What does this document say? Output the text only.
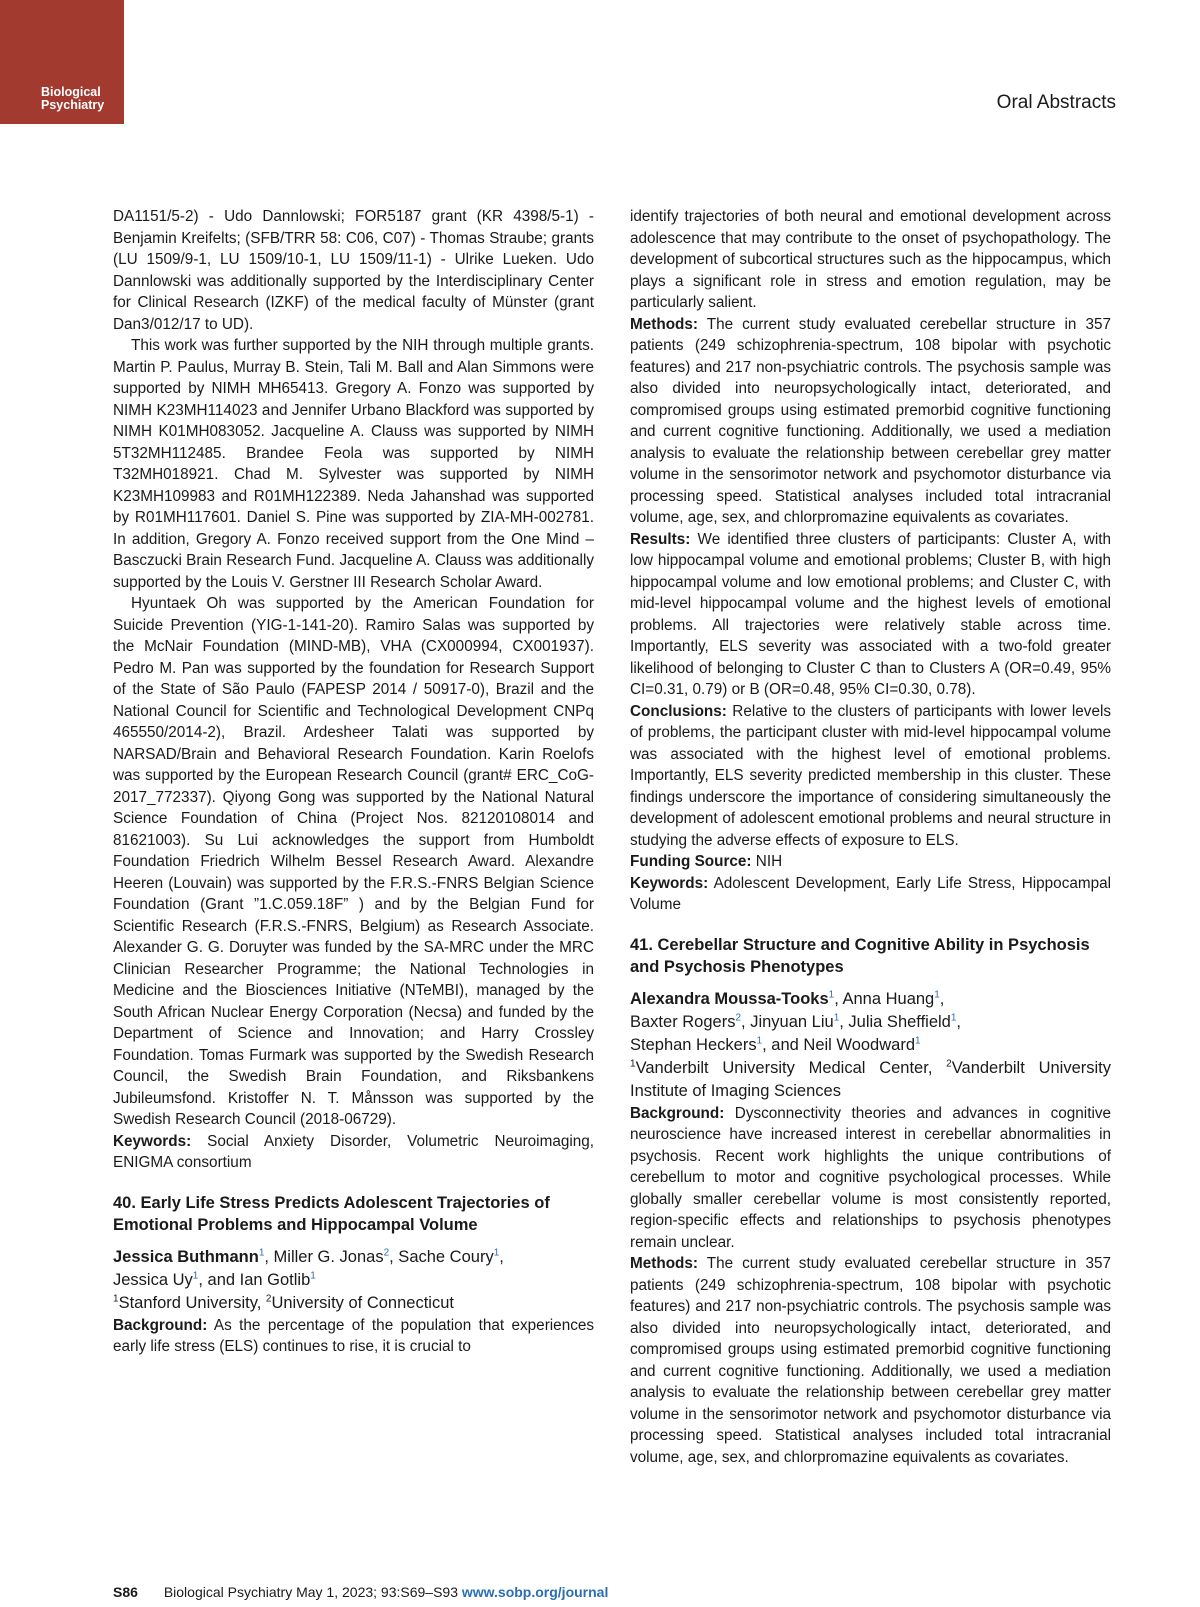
Biological
Psychiatry	Oral Abstracts

DA1151/5-2) - Udo Dannlowski; FOR5187 grant (KR 4398/5-1) - Benjamin Kreifelts; (SFB/TRR 58: C06, C07) - Thomas Straube; grants (LU 1509/9-1, LU 1509/10-1, LU 1509/11-1) - Ulrike Lueken. Udo Dannlowski was additionally supported by the Interdisciplinary Center for Clinical Research (IZKF) of the medical faculty of Münster (grant Dan3/012/17 to UD).

This work was further supported by the NIH through multiple grants. Martin P. Paulus, Murray B. Stein, Tali M. Ball and Alan Simmons were supported by NIMH MH65413. Gregory A. Fonzo was supported by NIMH K23MH114023 and Jennifer Urbano Blackford was supported by NIMH K01MH083052. Jacqueline A. Clauss was supported by NIMH 5T32MH112485. Brandee Feola was supported by NIMH T32MH018921. Chad M. Sylvester was supported by NIMH K23MH109983 and R01MH122389. Neda Jahanshad was supported by R01MH117601. Daniel S. Pine was supported by ZIA-MH-002781. In addition, Gregory A. Fonzo received support from the One Mind – Basczucki Brain Research Fund. Jacqueline A. Clauss was additionally supported by the Louis V. Gerstner III Research Scholar Award.

Hyuntaek Oh was supported by the American Foundation for Suicide Prevention (YIG-1-141-20). Ramiro Salas was supported by the McNair Foundation (MIND-MB), VHA (CX000994, CX001937). Pedro M. Pan was supported by the foundation for Research Support of the State of São Paulo (FAPESP 2014 / 50917-0), Brazil and the National Council for Scientific and Technological Development CNPq 465550/2014-2), Brazil. Ardesheer Talati was supported by NARSAD/Brain and Behavioral Research Foundation. Karin Roelofs was supported by the European Research Council (grant# ERC_CoG-2017_772337). Qiyong Gong was supported by the National Natural Science Foundation of China (Project Nos. 82120108014 and 81621003). Su Lui acknowledges the support from Humboldt Foundation Friedrich Wilhelm Bessel Research Award. Alexandre Heeren (Louvain) was supported by the F.R.S.-FNRS Belgian Science Foundation (Grant ”1.C.059.18F” ) and by the Belgian Fund for Scientific Research (F.R.S.-FNRS, Belgium) as Research Associate. Alexander G. G. Doruyter was funded by the SA-MRC under the MRC Clinician Researcher Programme; the National Technologies in Medicine and the Biosciences Initiative (NTeMBI), managed by the South African Nuclear Energy Corporation (Necsa) and funded by the Department of Science and Innovation; and Harry Crossley Foundation. Tomas Furmark was supported by the Swedish Research Council, the Swedish Brain Foundation, and Riksbankens Jubileumsfond. Kristoffer N. T. Månsson was supported by the Swedish Research Council (2018-06729).

Keywords: Social Anxiety Disorder, Volumetric Neuroimaging, ENIGMA consortium

40. Early Life Stress Predicts Adolescent Trajectories of Emotional Problems and Hippocampal Volume

Jessica Buthmann$^1$, Miller G. Jonas$^2$, Sache Coury$^1$,
Jessica Uy$^1$, and Ian Gotlib$^1$

$^1$Stanford University, $^2$University of Connecticut

Background: As the percentage of the population that experiences early life stress (ELS) continues to rise, it is crucial to

identify trajectories of both neural and emotional development across adolescence that may contribute to the onset of psychopathology. The development of subcortical structures such as the hippocampus, which plays a significant role in stress and emotion regulation, may be particularly salient.

Methods: The current study evaluated cerebellar structure in 357 patients (249 schizophrenia-spectrum, 108 bipolar with psychotic features) and 217 non-psychiatric controls. The psychosis sample was also divided into neuropsychologically intact, deteriorated, and compromised groups using estimated premorbid cognitive functioning and current cognitive functioning. Additionally, we used a mediation analysis to evaluate the relationship between cerebellar grey matter volume in the sensorimotor network and psychomotor disturbance via processing speed. Statistical analyses included total intracranial volume, age, sex, and chlorpromazine equivalents as covariates.

Results: We identified three clusters of participants: Cluster A, with low hippocampal volume and emotional problems; Cluster B, with high hippocampal volume and low emotional problems; and Cluster C, with mid-level hippocampal volume and the highest levels of emotional problems. All trajectories were relatively stable across time. Importantly, ELS severity was associated with a two-fold greater likelihood of belonging to Cluster C than to Clusters A (OR=0.49, 95% CI=0.31, 0.79) or B (OR=0.48, 95% CI=0.30, 0.78).

Conclusions: Relative to the clusters of participants with lower levels of problems, the participant cluster with mid-level hippocampal volume was associated with the highest level of emotional problems. Importantly, ELS severity predicted membership in this cluster. These findings underscore the importance of considering simultaneously the development of adolescent emotional problems and neural structure in studying the adverse effects of exposure to ELS.

Funding Source: NIH

Keywords: Adolescent Development, Early Life Stress, Hippocampal Volume

41. Cerebellar Structure and Cognitive Ability in Psychosis and Psychosis Phenotypes

Alexandra Moussa-Tooks$^1$, Anna Huang$^1$,
Baxter Rogers$^2$, Jinyuan Liu$^1$, Julia Sheffield$^1$,
Stephan Heckers$^1$, and Neil Woodward$^1$

$^1$Vanderbilt University Medical Center, $^2$Vanderbilt University Institute of Imaging Sciences

Background: Dysconnectivity theories and advances in cognitive neuroscience have increased interest in cerebellar abnormalities in psychosis. Recent work highlights the unique contributions of cerebellum to motor and cognitive psychological processes. While globally smaller cerebellar volume is most consistently reported, region-specific effects and relationships to psychosis phenotypes remain unclear.

Methods: The current study evaluated cerebellar structure in 357 patients (249 schizophrenia-spectrum, 108 bipolar with psychotic features) and 217 non-psychiatric controls. The psychosis sample was also divided into neuropsychologically intact, deteriorated, and compromised groups using estimated premorbid cognitive functioning and current cognitive functioning. Additionally, we used a mediation analysis to evaluate the relationship between cerebellar grey matter volume in the sensorimotor network and psychomotor disturbance via processing speed. Statistical analyses included total intracranial volume, age, sex, and chlorpromazine equivalents as covariates.

S86 Biological Psychiatry May 1, 2023; 93:S69–S93 www.sobp.org/journal
